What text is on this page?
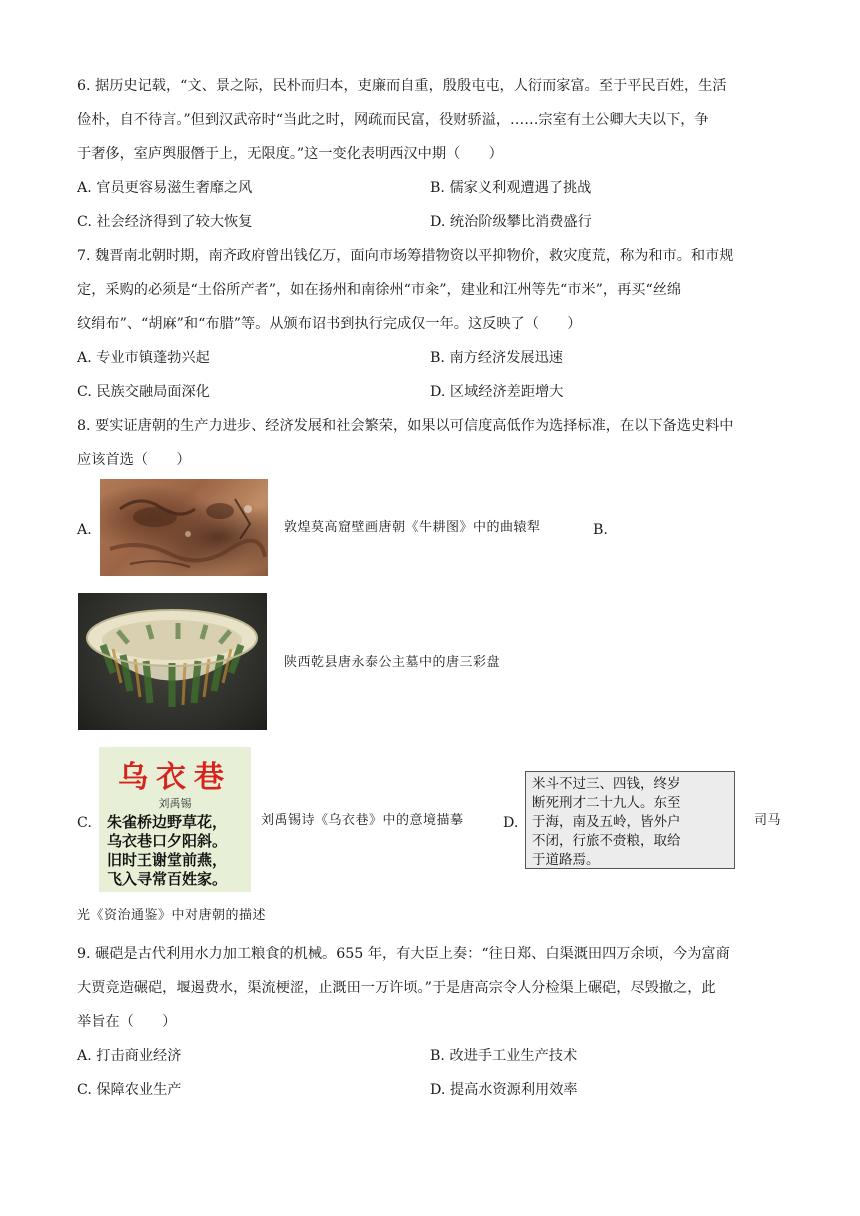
6. 据历史记载，“文、景之际，民朴而归本，吏廉而自重，殷殷屯屯，人衍而家富。至于平民百姓，生活
俭朴，自不待言。”但到汉武帝时“当此之时，网疏而民富，役财骄溢，……宗室有土公卿大夫以下，争
于奢侈，室庐舆服僭于上，无限度。”这一变化表明西汉中期（　　）
A. 官员更容易滋生奢靡之风	B. 儒家义利观遭遇了挑战
C. 社会经济得到了较大恢复	D. 统治阶级攀比消费盛行
7. 魏晋南北朝时期，南齐政府曾出钱亿万，面向市场筹措物资以平抑物价，救灾度荒，称为和市。和市规
定，采购的必须是“土俗所产者”，如在扬州和南徐州“市籴”，建业和江州等先“市米”，再买“丝绵
纹绢布”、“胡麻”和“布腊”等。从颁布诏书到执行完成仅一年。这反映了（　　）
A. 专业市镇蓬勃兴起	B. 南方经济发展迅速
C. 民族交融局面深化	D. 区域经济差距增大
8. 要实证唐朝的生产力进步、经济发展和社会繁荣，如果以可信度高低作为选择标准，在以下备选史料中
应该首选（　　）
A.	敦煌莫高窟壁画唐朝《牛耕图》中的曲辕犁	B.
陕西乾县唐永泰公主墓中的唐三彩盘
C.
乌衣巷
刘禹锡
朱雀桥边野草花，
乌衣巷口夕阳斜。
旧时王谢堂前燕，
飞入寻常百姓家。
刘禹锡诗《乌衣巷》中的意境描摹	D.
米斗不过三、四钱，终岁
断死刑才二十九人。东至
于海，南及五岭，皆外户
不闭，行旅不赍粮，取给
于道路焉。
司马
光《资治通鉴》中对唐朝的描述
9. 碾硙是古代利用水力加工粮食的机械。655 年，有大臣上奏：“往日郑、白渠溉田四万余顷，今为富商
大贾竞造碾硙，堰遏费水，渠流梗涩，止溉田一万许顷。”于是唐高宗令人分检渠上碾硙，尽毁撤之，此
举旨在（　　）
A. 打击商业经济	B. 改进手工业生产技术
C. 保障农业生产	D. 提高水资源利用效率
